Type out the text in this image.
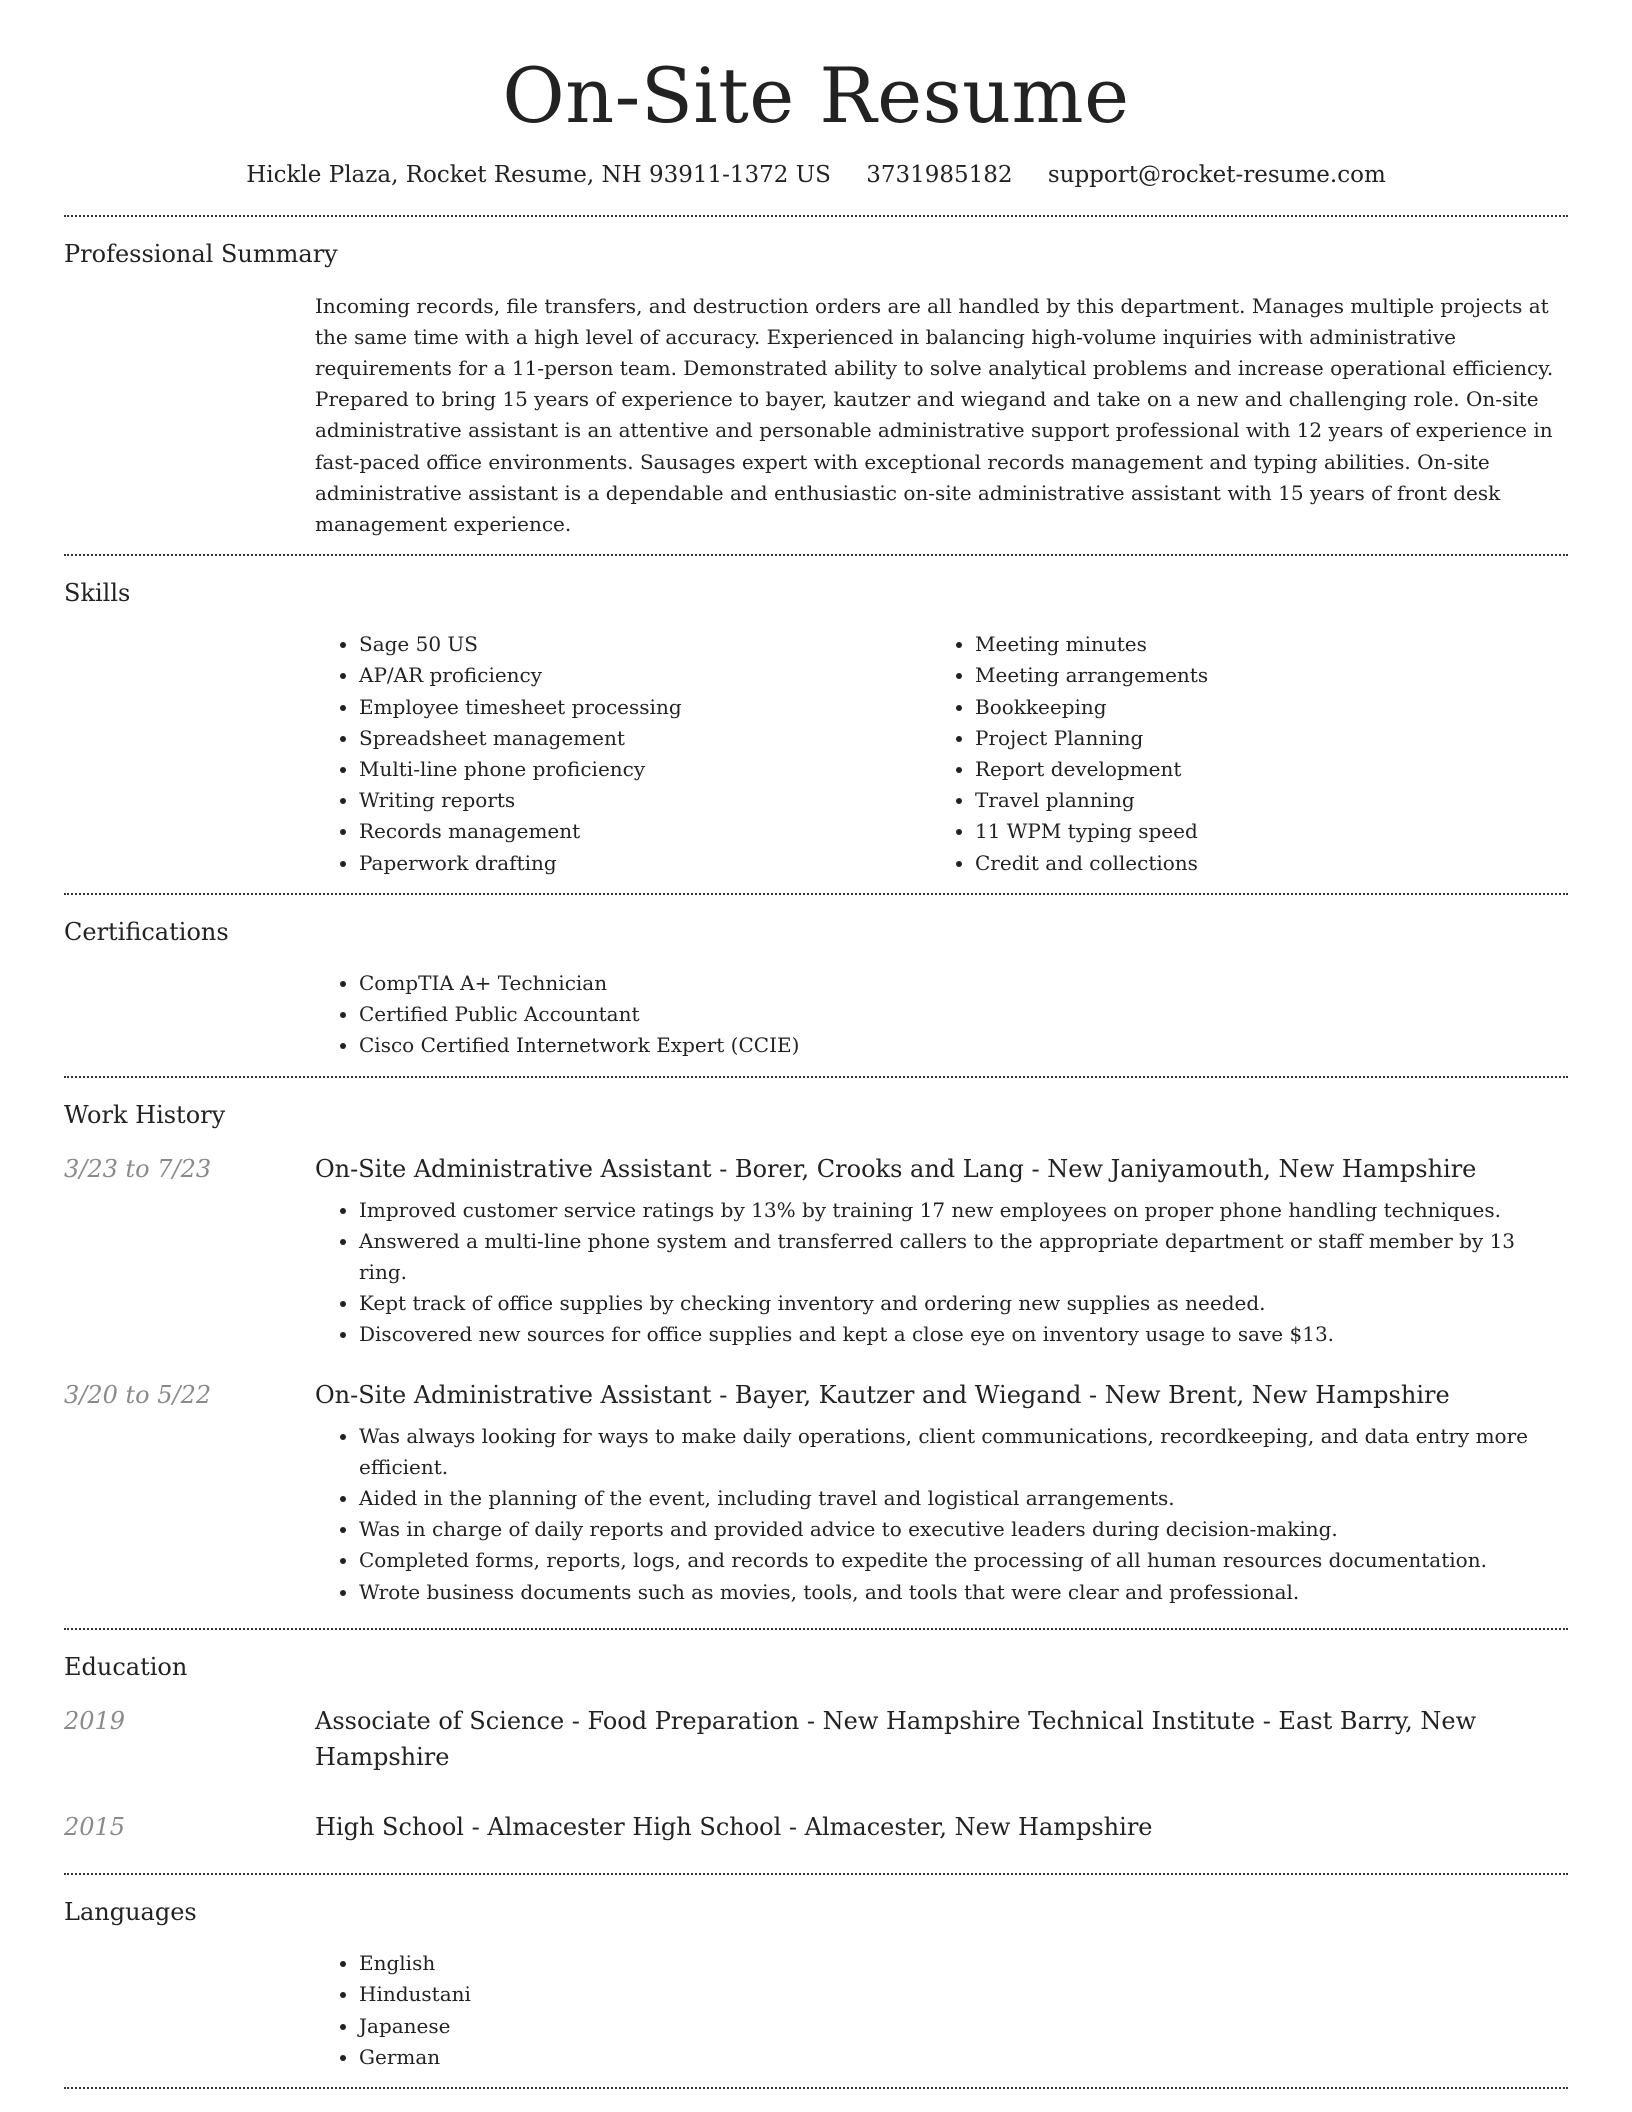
On-Site Resume
Hickle Plaza, Rocket Resume, NH 93911-1372 US 3731985182 support@rocket-resume.com
Professional Summary

Incoming records, file transfers, and destruction orders are all handled by this department. Manages multiple projects at the same time with a high level of accuracy. Experienced in balancing high-volume inquiries with administrative requirements for a 11-person team. Demonstrated ability to solve analytical problems and increase operational efficiency. Prepared to bring 15 years of experience to bayer, kautzer and wiegand and take on a new and challenging role. On-site administrative assistant is an attentive and personable administrative support professional with 12 years of experience in fast-paced office environments. Sausages expert with exceptional records management and typing abilities. On-site administrative assistant is a dependable and enthusiastic on-site administrative assistant with 15 years of front desk management experience.

Skills
• Sage 50 US
• AP/AR proficiency
• Employee timesheet processing
• Spreadsheet management
• Multi-line phone proficiency
• Writing reports
• Records management
• Paperwork drafting
• Meeting minutes
• Meeting arrangements
• Bookkeeping
• Project Planning
• Report development
• Travel planning
• 11 WPM typing speed
• Credit and collections
Certifications
• CompTIA A+ Technician
• Certified Public Accountant
• Cisco Certified Internetwork Expert (CCIE)
Work History
3/23 to 7/23	On-Site Administrative Assistant - Borer, Crooks and Lang - New Janiyamouth, New Hampshire
• Improved customer service ratings by 13% by training 17 new employees on proper phone handling techniques.
• Answered a multi-line phone system and transferred callers to the appropriate department or staff member by 13 ring.
• Kept track of office supplies by checking inventory and ordering new supplies as needed.
• Discovered new sources for office supplies and kept a close eye on inventory usage to save $13.
3/20 to 5/22	On-Site Administrative Assistant - Bayer, Kautzer and Wiegand - New Brent, New Hampshire
• Was always looking for ways to make daily operations, client communications, recordkeeping, and data entry more efficient.
• Aided in the planning of the event, including travel and logistical arrangements.
• Was in charge of daily reports and provided advice to executive leaders during decision-making.
• Completed forms, reports, logs, and records to expedite the processing of all human resources documentation.
• Wrote business documents such as movies, tools, and tools that were clear and professional.
Education
2019	Associate of Science - Food Preparation - New Hampshire Technical Institute - East Barry, New Hampshire
2015	High School - Almacester High School - Almacester, New Hampshire
Languages
• English
• Hindustani
• Japanese
• German
